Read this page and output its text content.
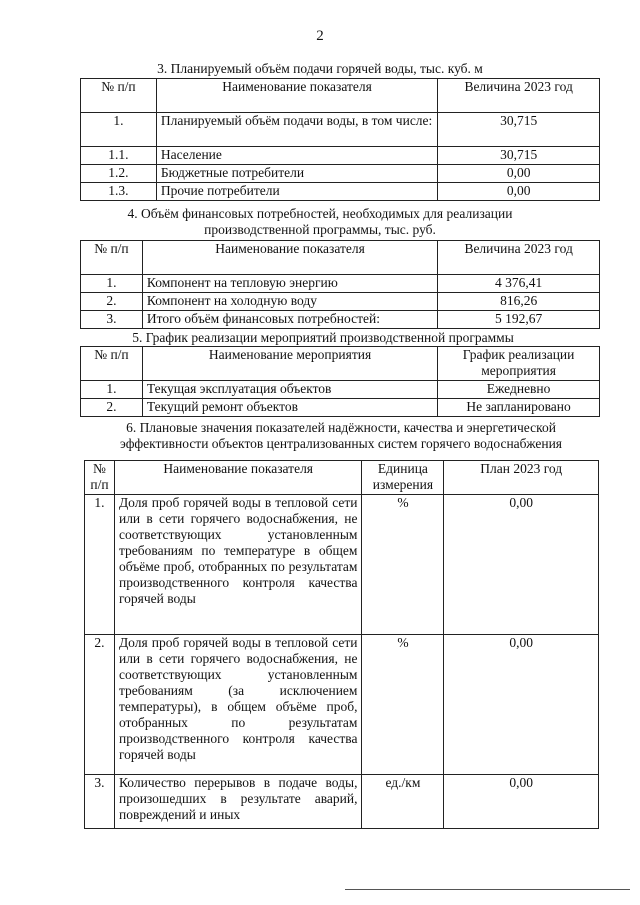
2
3. Планируемый объём подачи горячей воды, тыс. куб. м
№ п/п	Наименование показателя	Величина 2023 год
1.	Планируемый объём подачи воды, в том числе:	30,715
1.1.	Население	30,715
1.2.	Бюджетные потребители	0,00
1.3.	Прочие потребители	0,00
4. Объём финансовых потребностей, необходимых для реализации производственной программы, тыс. руб.
№ п/п	Наименование показателя	Величина 2023 год
1.	Компонент на тепловую энергию	4 376,41
2.	Компонент на холодную воду	816,26
3.	Итого объём финансовых потребностей:	5 192,67
5. График реализации мероприятий производственной программы
№ п/п	Наименование мероприятия	График реализации мероприятия
1.	Текущая эксплуатация объектов	Ежедневно
2.	Текущий ремонт объектов	Не запланировано
6. Плановые значения показателей надёжности, качества и энергетической эффективности объектов централизованных систем горячего водоснабжения
№ п/п	Наименование показателя	Единица измерения	План 2023 год
1.	Доля проб горячей воды в тепловой сети или в сети горячего водоснабжения, не соответствующих установленным требованиям по температуре в общем объёме проб, отобранных по результатам производственного контроля качества горячей воды	%	0,00
2.	Доля проб горячей воды в тепловой сети или в сети горячего водоснабжения, не соответствующих установленным требованиям (за исключением температуры), в общем объёме проб, отобранных по результатам производственного контроля качества горячей воды	%	0,00
3.	Количество перерывов в подаче воды, произошедших в результате аварий, повреждений и иных	ед./км	0,00
